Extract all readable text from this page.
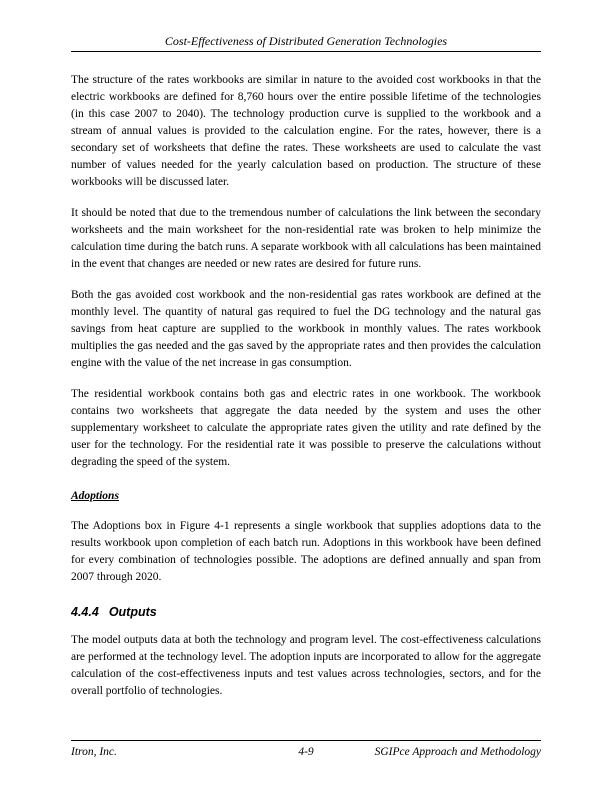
Cost-Effectiveness of Distributed Generation Technologies

The structure of the rates workbooks are similar in nature to the avoided cost workbooks in that the electric workbooks are defined for 8,760 hours over the entire possible lifetime of the technologies (in this case 2007 to 2040). The technology production curve is supplied to the workbook and a stream of annual values is provided to the calculation engine. For the rates, however, there is a secondary set of worksheets that define the rates. These worksheets are used to calculate the vast number of values needed for the yearly calculation based on production. The structure of these workbooks will be discussed later.

It should be noted that due to the tremendous number of calculations the link between the secondary worksheets and the main worksheet for the non-residential rate was broken to help minimize the calculation time during the batch runs. A separate workbook with all calculations has been maintained in the event that changes are needed or new rates are desired for future runs.

Both the gas avoided cost workbook and the non-residential gas rates workbook are defined at the monthly level. The quantity of natural gas required to fuel the DG technology and the natural gas savings from heat capture are supplied to the workbook in monthly values. The rates workbook multiplies the gas needed and the gas saved by the appropriate rates and then provides the calculation engine with the value of the net increase in gas consumption.

The residential workbook contains both gas and electric rates in one workbook. The workbook contains two worksheets that aggregate the data needed by the system and uses the other supplementary worksheet to calculate the appropriate rates given the utility and rate defined by the user for the technology. For the residential rate it was possible to preserve the calculations without degrading the speed of the system.

Adoptions

The Adoptions box in Figure 4-1 represents a single workbook that supplies adoptions data to the results workbook upon completion of each batch run. Adoptions in this workbook have been defined for every combination of technologies possible. The adoptions are defined annually and span from 2007 through 2020.

4.4.4 Outputs

The model outputs data at both the technology and program level. The cost-effectiveness calculations are performed at the technology level. The adoption inputs are incorporated to allow for the aggregate calculation of the cost-effectiveness inputs and test values across technologies, sectors, and for the overall portfolio of technologies.

Itron, Inc.	4-9	SGIPce Approach and Methodology
